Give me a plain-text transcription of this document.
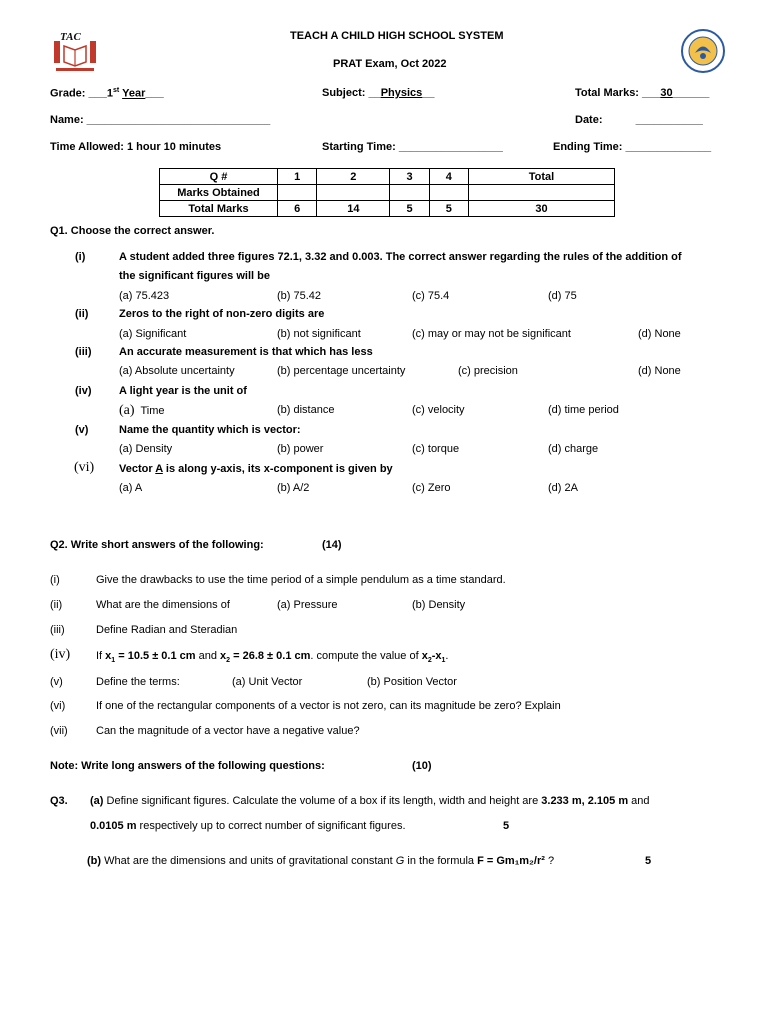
TAC	TEACH A CHILD HIGH SCHOOL SYSTEM
PRAT Exam, Oct 2022
Grade: ___1st Year___	Subject: __Physics__	Total Marks: ___30______
Name: ______________________________	Date:	___________
Time Allowed: 1 hour 10 minutes	Starting Time: _________________	Ending Time: ______________
Q #	1	2	3	4	Total
Marks Obtained					
Total Marks	6	14	5	5	30
Q1. Choose the correct answer.
(i)	A student added three figures 72.1, 3.32 and 0.003. The correct answer regarding the rules of the addition of
the significant figures will be
(a) 75.423	(b) 75.42	(c) 75.4	(d) 75
(ii)	Zeros to the right of non-zero digits are
(a) Significant	(b) not significant	(c) may or may not be significant	(d) None
(iii)	An accurate measurement is that which has less
(a) Absolute uncertainty	(b) percentage uncertainty	(c) precision	(d) None
(iv)	A light year is the unit of
(a) Time	(b) distance	(c) velocity	(d) time period
(v)	Name the quantity which is vector:
(a) Density	(b) power	(c) torque	(d) charge
(vi) Vector A is along y-axis, its x-component is given by
(a) A	(b) A/2	(c) Zero	(d) 2A
Q2. Write short answers of the following:	(14)
(i)	Give the drawbacks to use the time period of a simple pendulum as a time standard.
(ii)	What are the dimensions of	(a) Pressure	(b) Density
(iii)	Define Radian and Steradian
(iv) If $x_1 = 10.5 \pm 0.1$ cm and $x_2 = 26.8 \pm 0.1$ cm. compute the value of $x_2-x_1$.
(v)	Define the terms:	(a) Unit Vector	(b) Position Vector
(vi)	If one of the rectangular components of a vector is not zero, can its magnitude be zero? Explain
(vii)	Can the magnitude of a vector have a negative value?
Note: Write long answers of the following questions:	(10)
Q3. (a) Define significant figures. Calculate the volume of a box if its length, width and height are 3.233 m, 2.105 m and
0.0105 m respectively up to correct number of significant figures.	5
(b) What are the dimensions and units of gravitational constant G in the formula F = Gm₁m₂/r² ?	5
